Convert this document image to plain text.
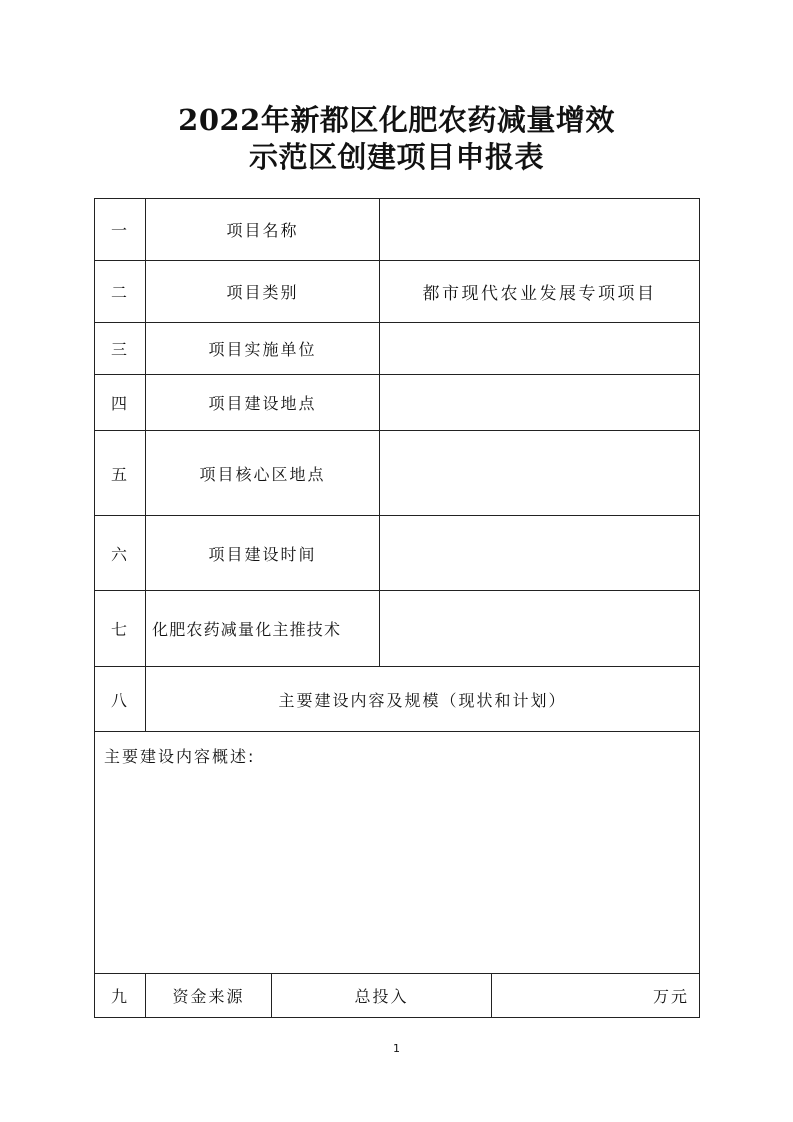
2022年新都区化肥农药减量增效
示范区创建项目申报表
一	项目名称
二	项目类别	都市现代农业发展专项项目
三	项目实施单位
四	项目建设地点
五	项目核心区地点
六	项目建设时间
七	化肥农药减量化主推技术
八	主要建设内容及规模（现状和计划）
主要建设内容概述:
九	资金来源	总投入	万元
1
